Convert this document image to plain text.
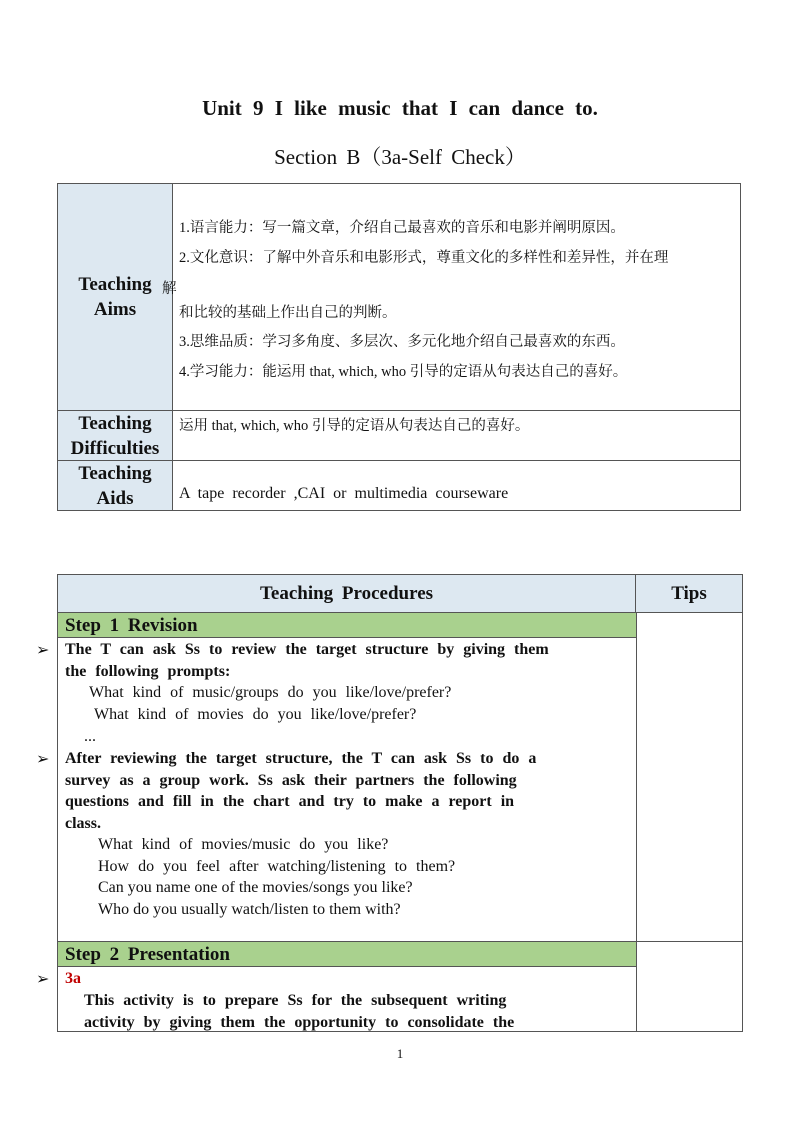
Unit 9 I like music that I can dance to.
Section B（3a-Self Check）
Teaching
Aims
解
1.语言能力：写一篇文章，介绍自己最喜欢的音乐和电影并阐明原因。
2.文化意识：了解中外音乐和电影形式，尊重文化的多样性和差异性，并在理
和比较的基础上作出自己的判断。
3.思维品质：学习多角度、多层次、多元化地介绍自己最喜欢的东西。
4.学习能力：能运用 that, which, who 引导的定语从句表达自己的喜好。
Teaching
Difficulties
运用 that, which, who 引导的定语从句表达自己的喜好。
Teaching
Aids	A tape recorder ,CAI or multimedia courseware
Teaching Procedures	Tips
Step 1 Revision
➢ The T can ask Ss to review the target structure by giving them
the following prompts:
What kind of music/groups do you like/love/prefer?
What kind of movies do you like/love/prefer?
...
➢ After reviewing the target structure, the T can ask Ss to do a
survey as a group work. Ss ask their partners the following
questions and fill in the chart and try to make a report in
class.
What kind of movies/music do you like?
How do you feel after watching/listening to them?
Can you name one of the movies/songs you like?
Who do you usually watch/listen to them with?
Step 2 Presentation
➢ 3a
This activity is to prepare Ss for the subsequent writing
activity by giving them the opportunity to consolidate the
1
